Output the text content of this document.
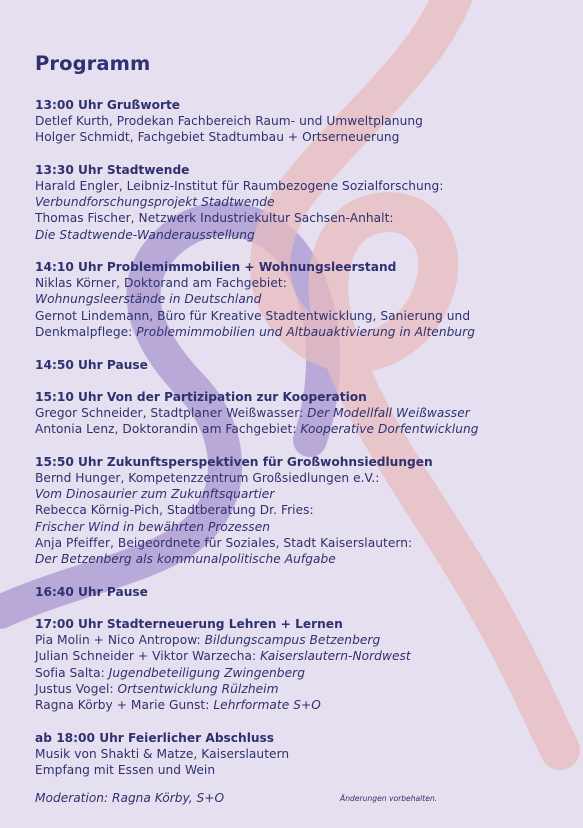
Programm
13:00 Uhr Grußworte
Detlef Kurth, Prodekan Fachbereich Raum- und Umweltplanung
Holger Schmidt, Fachgebiet Stadtumbau + Ortserneuerung
13:30 Uhr Stadtwende
Harald Engler, Leibniz-Institut für Raumbezogene Sozialforschung:
Verbundforschungsprojekt Stadtwende
Thomas Fischer, Netzwerk Industriekultur Sachsen-Anhalt:
Die Stadtwende-Wanderausstellung
14:10 Uhr Problemimmobilien + Wohnungsleerstand
Niklas Körner, Doktorand am Fachgebiet:
Wohnungsleerstände in Deutschland
Gernot Lindemann, Büro für Kreative Stadtentwicklung, Sanierung und
Denkmalpflege: Problemimmobilien und Altbauaktivierung in Altenburg
14:50 Uhr Pause
15:10 Uhr Von der Partizipation zur Kooperation
Gregor Schneider, Stadtplaner Weißwasser: Der Modellfall Weißwasser
Antonia Lenz, Doktorandin am Fachgebiet: Kooperative Dorfentwicklung
15:50 Uhr Zukunftsperspektiven für Großwohnsiedlungen
Bernd Hunger, Kompetenzzentrum Großsiedlungen e.V.:
Vom Dinosaurier zum Zukunftsquartier
Rebecca Körnig-Pich, Stadtberatung Dr. Fries:
Frischer Wind in bewährten Prozessen
Anja Pfeiffer, Beigeordnete für Soziales, Stadt Kaiserslautern:
Der Betzenberg als kommunalpolitische Aufgabe
16:40 Uhr Pause
17:00 Uhr Stadterneuerung Lehren + Lernen
Pia Molin + Nico Antropow: Bildungscampus Betzenberg
Julian Schneider + Viktor Warzecha: Kaiserslautern-Nordwest
Sofia Salta: Jugendbeteiligung Zwingenberg
Justus Vogel: Ortsentwicklung Rülzheim
Ragna Körby + Marie Gunst: Lehrformate S+O
ab 18:00 Uhr Feierlicher Abschluss
Musik von Shakti & Matze, Kaiserslautern
Empfang mit Essen und Wein
Moderation: Ragna Körby, S+O	Änderungen vorbehalten.
